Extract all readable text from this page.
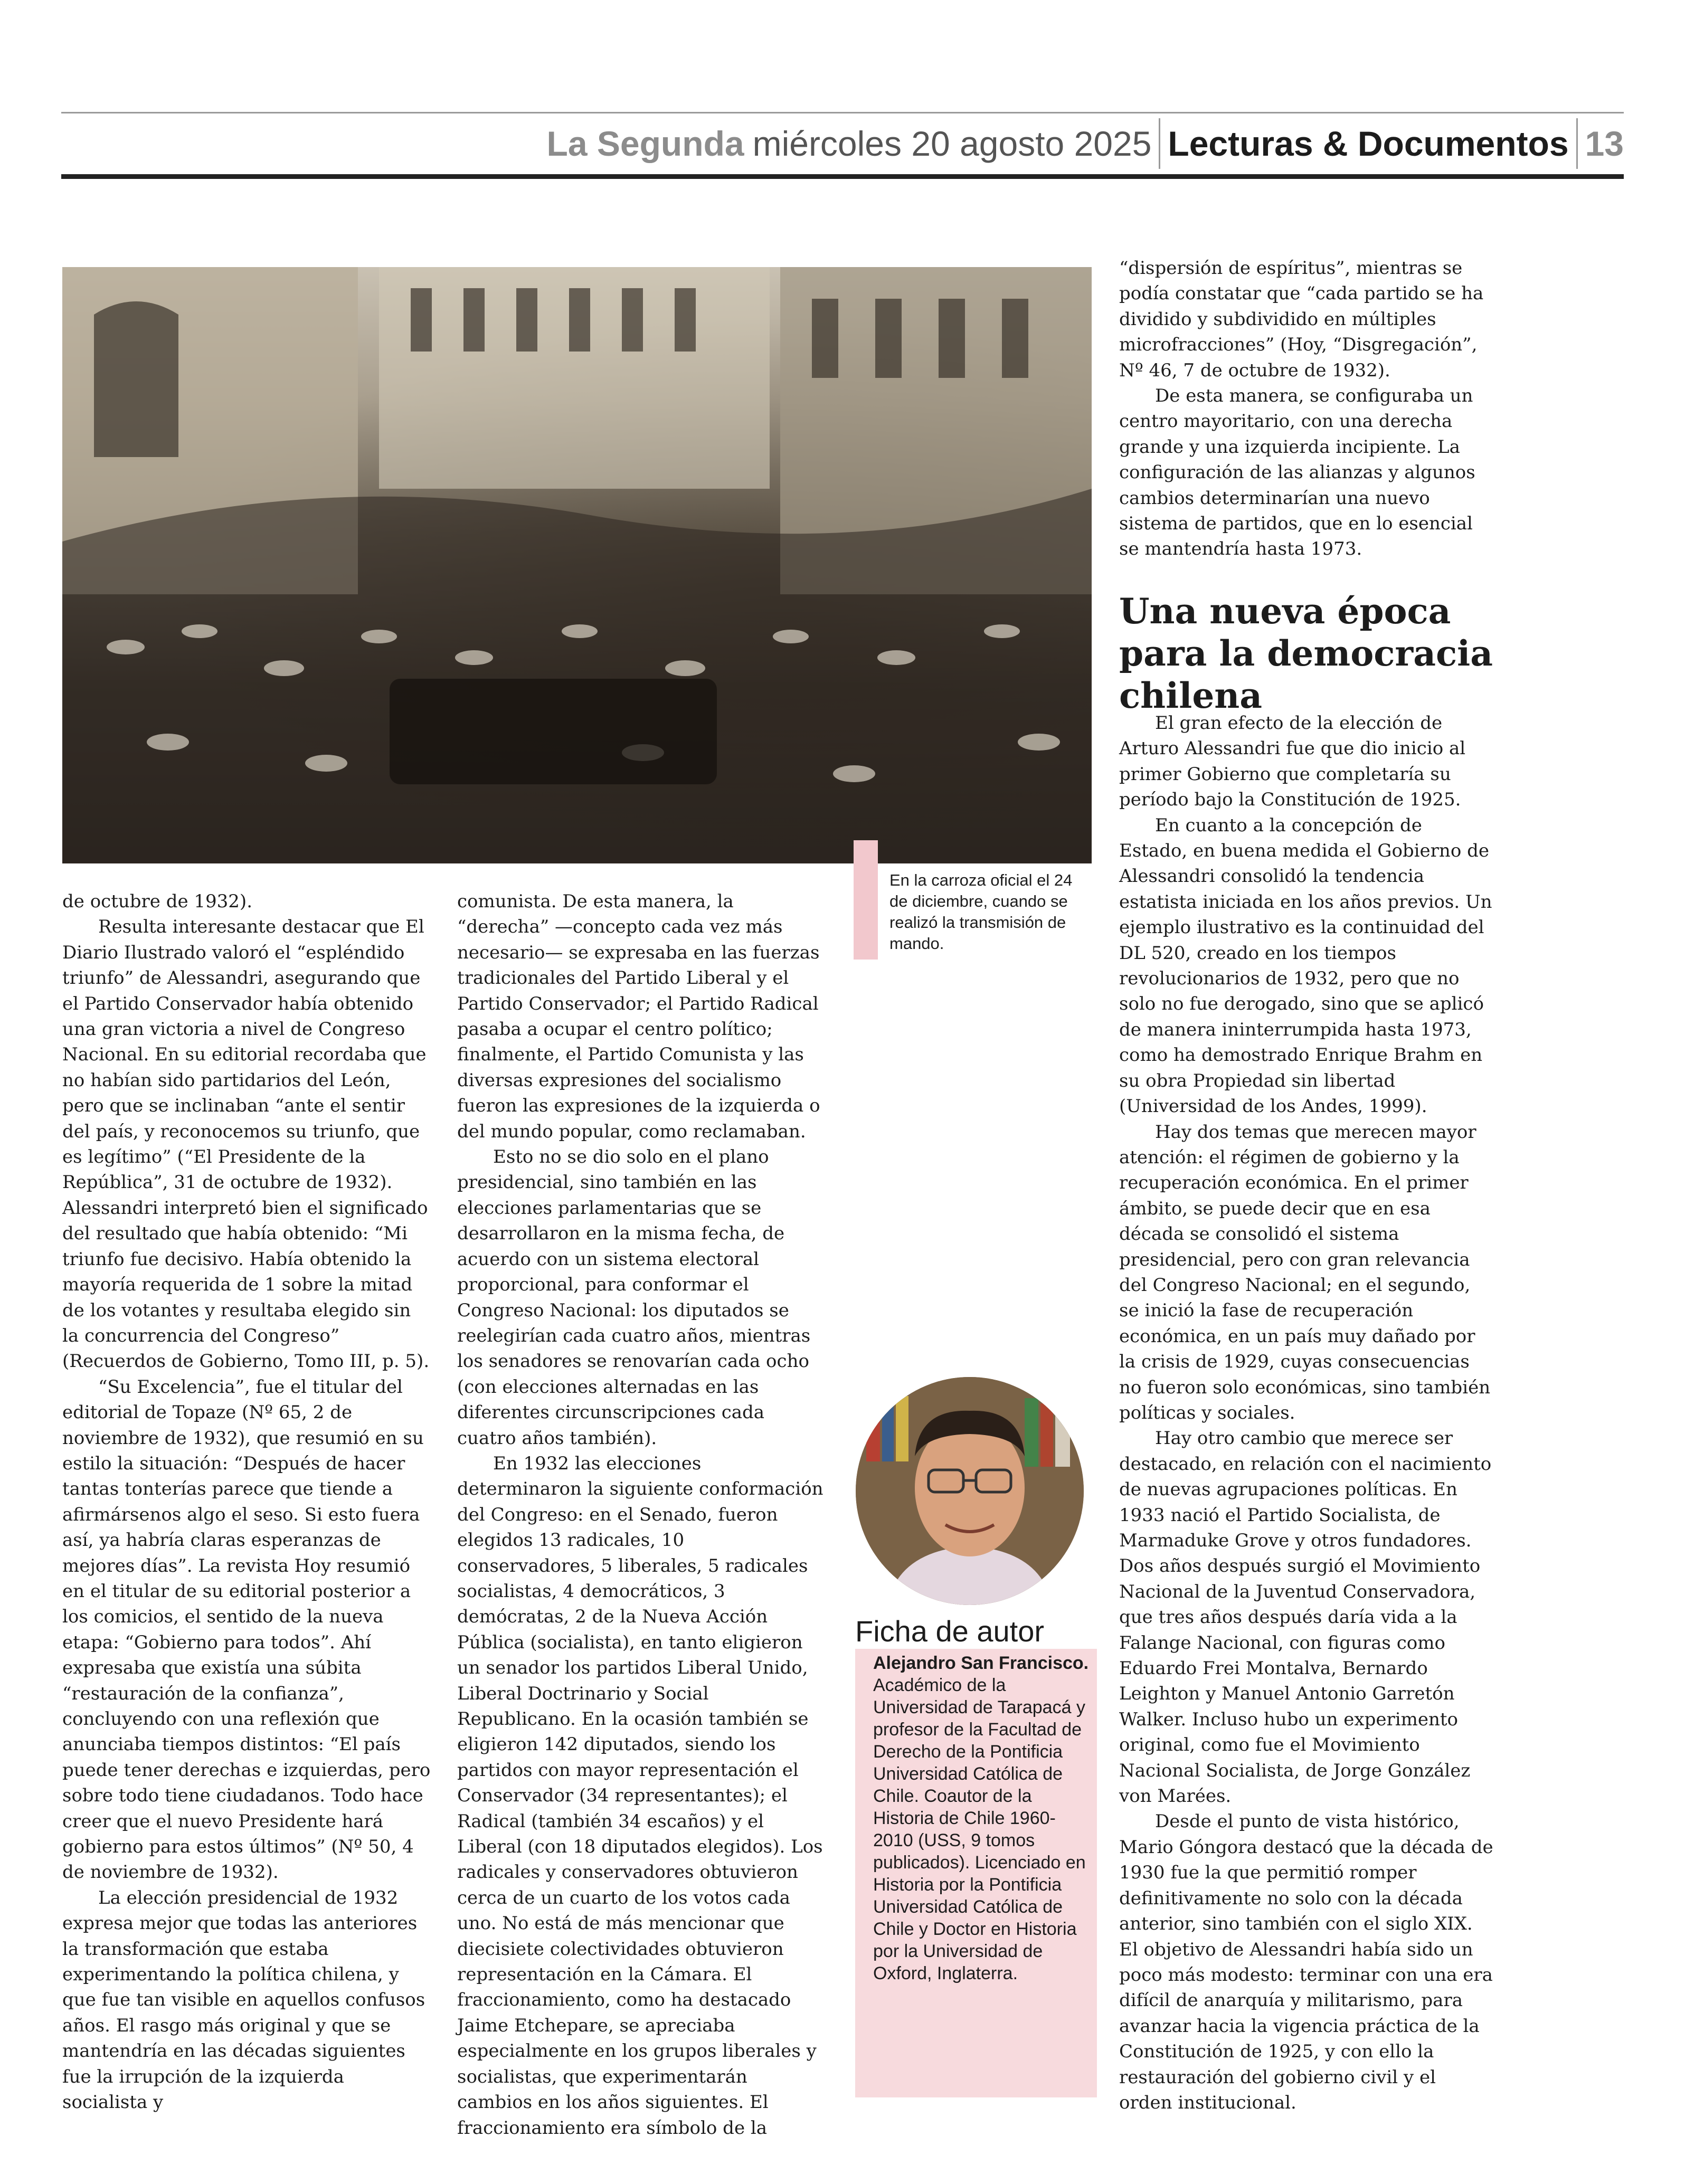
La Segunda miércoles 20 agosto 2025 Lecturas & Documentos 13

En la carroza oficial el 24 de diciembre, cuando se realizó la transmisión de mando.

de octubre de 1932).

Resulta interesante destacar que El Diario Ilustrado valoró el “espléndido triunfo” de Alessandri, asegurando que el Partido Conservador había obtenido una gran victoria a nivel de Congreso Nacional. En su editorial recordaba que no habían sido partidarios del León, pero que se inclinaban “ante el sentir del país, y reconocemos su triunfo, que es legítimo” (“El Presidente de la República”, 31 de octubre de 1932). Alessandri interpretó bien el significado del resultado que había obtenido: “Mi triunfo fue decisivo. Había obtenido la mayoría requerida de 1 sobre la mitad de los votantes y resultaba elegido sin la concurrencia del Congreso” (Recuerdos de Gobierno, Tomo III, p. 5).

“Su Excelencia”, fue el titular del editorial de Topaze (Nº 65, 2 de noviembre de 1932), que resumió en su estilo la situación: “Después de hacer tantas tonterías parece que tiende a afirmársenos algo el seso. Si esto fuera así, ya habría claras esperanzas de mejores días”. La revista Hoy resumió en el titular de su editorial posterior a los comicios, el sentido de la nueva etapa: “Gobierno para todos”. Ahí expresaba que existía una súbita “restauración de la confianza”, concluyendo con una reflexión que anunciaba tiempos distintos: “El país puede tener derechas e izquierdas, pero sobre todo tiene ciudadanos. Todo hace creer que el nuevo Presidente hará gobierno para estos últimos” (Nº 50, 4 de noviembre de 1932).

La elección presidencial de 1932 expresa mejor que todas las anteriores la transformación que estaba experimentando la política chilena, y que fue tan visible en aquellos confusos años. El rasgo más original y que se mantendría en las décadas siguientes fue la irrupción de la izquierda socialista y

comunista. De esta manera, la “derecha” —concepto cada vez más necesario— se expresaba en las fuerzas tradicionales del Partido Liberal y el Partido Conservador; el Partido Radical pasaba a ocupar el centro político; finalmente, el Partido Comunista y las diversas expresiones del socialismo fueron las expresiones de la izquierda o del mundo popular, como reclamaban.

Esto no se dio solo en el plano presidencial, sino también en las elecciones parlamentarias que se desarrollaron en la misma fecha, de acuerdo con un sistema electoral proporcional, para conformar el Congreso Nacional: los diputados se reelegirían cada cuatro años, mientras los senadores se renovarían cada ocho (con elecciones alternadas en las diferentes circunscripciones cada cuatro años también).

En 1932 las elecciones determinaron la siguiente conformación del Congreso: en el Senado, fueron elegidos 13 radicales, 10 conservadores, 5 liberales, 5 radicales socialistas, 4 democráticos, 3 demócratas, 2 de la Nueva Acción Pública (socialista), en tanto eligieron un senador los partidos Liberal Unido, Liberal Doctrinario y Social Republicano. En la ocasión también se eligieron 142 diputados, siendo los partidos con mayor representación el Conservador (34 representantes); el Radical (también 34 escaños) y el Liberal (con 18 diputados elegidos). Los radicales y conservadores obtuvieron cerca de un cuarto de los votos cada uno. No está de más mencionar que diecisiete colectividades obtuvieron representación en la Cámara. El fraccionamiento, como ha destacado Jaime Etchepare, se apreciaba especialmente en los grupos liberales y socialistas, que experimentarán cambios en los años siguientes. El fraccionamiento era símbolo de la

“dispersión de espíritus”, mientras se podía constatar que “cada partido se ha dividido y subdividido en múltiples microfracciones” (Hoy, “Disgregación”, Nº 46, 7 de octubre de 1932).

De esta manera, se configuraba un centro mayoritario, con una derecha grande y una izquierda incipiente. La configuración de las alianzas y algunos cambios determinarían una nuevo sistema de partidos, que en lo esencial se mantendría hasta 1973.

Una nueva época para la democracia chilena

El gran efecto de la elección de Arturo Alessandri fue que dio inicio al primer Gobierno que completaría su período bajo la Constitución de 1925.

En cuanto a la concepción de Estado, en buena medida el Gobierno de Alessandri consolidó la tendencia estatista iniciada en los años previos. Un ejemplo ilustrativo es la continuidad del DL 520, creado en los tiempos revolucionarios de 1932, pero que no solo no fue derogado, sino que se aplicó de manera ininterrumpida hasta 1973, como ha demostrado Enrique Brahm en su obra Propiedad sin libertad (Universidad de los Andes, 1999).

Hay dos temas que merecen mayor atención: el régimen de gobierno y la recuperación económica. En el primer ámbito, se puede decir que en esa década se consolidó el sistema presidencial, pero con gran relevancia del Congreso Nacional; en el segundo, se inició la fase de recuperación económica, en un país muy dañado por la crisis de 1929, cuyas consecuencias no fueron solo económicas, sino también políticas y sociales.

Hay otro cambio que merece ser destacado, en relación con el nacimiento de nuevas agrupaciones políticas. En 1933 nació el Partido Socialista, de Marmaduke Grove y otros fundadores. Dos años después surgió el Movimiento Nacional de la Juventud Conservadora, que tres años después daría vida a la Falange Nacional, con figuras como Eduardo Frei Montalva, Bernardo Leighton y Manuel Antonio Garretón Walker. Incluso hubo un experimento original, como fue el Movimiento Nacional Socialista, de Jorge González von Marées.

Desde el punto de vista histórico, Mario Góngora destacó que la década de 1930 fue la que permitió romper definitivamente no solo con la década anterior, sino también con el siglo XIX. El objetivo de Alessandri había sido un poco más modesto: terminar con una era difícil de anarquía y militarismo, para avanzar hacia la vigencia práctica de la Constitución de 1925, y con ello la restauración del gobierno civil y el orden institucional.

Ficha de autor

Alejandro San Francisco.
Académico de la Universidad de Tarapacá y profesor de la Facultad de Derecho de la Pontificia Universidad Católica de Chile. Coautor de la Historia de Chile 1960-2010 (USS, 9 tomos publicados). Licenciado en Historia por la Pontificia Universidad Católica de Chile y Doctor en Historia por la Universidad de Oxford, Inglaterra.
